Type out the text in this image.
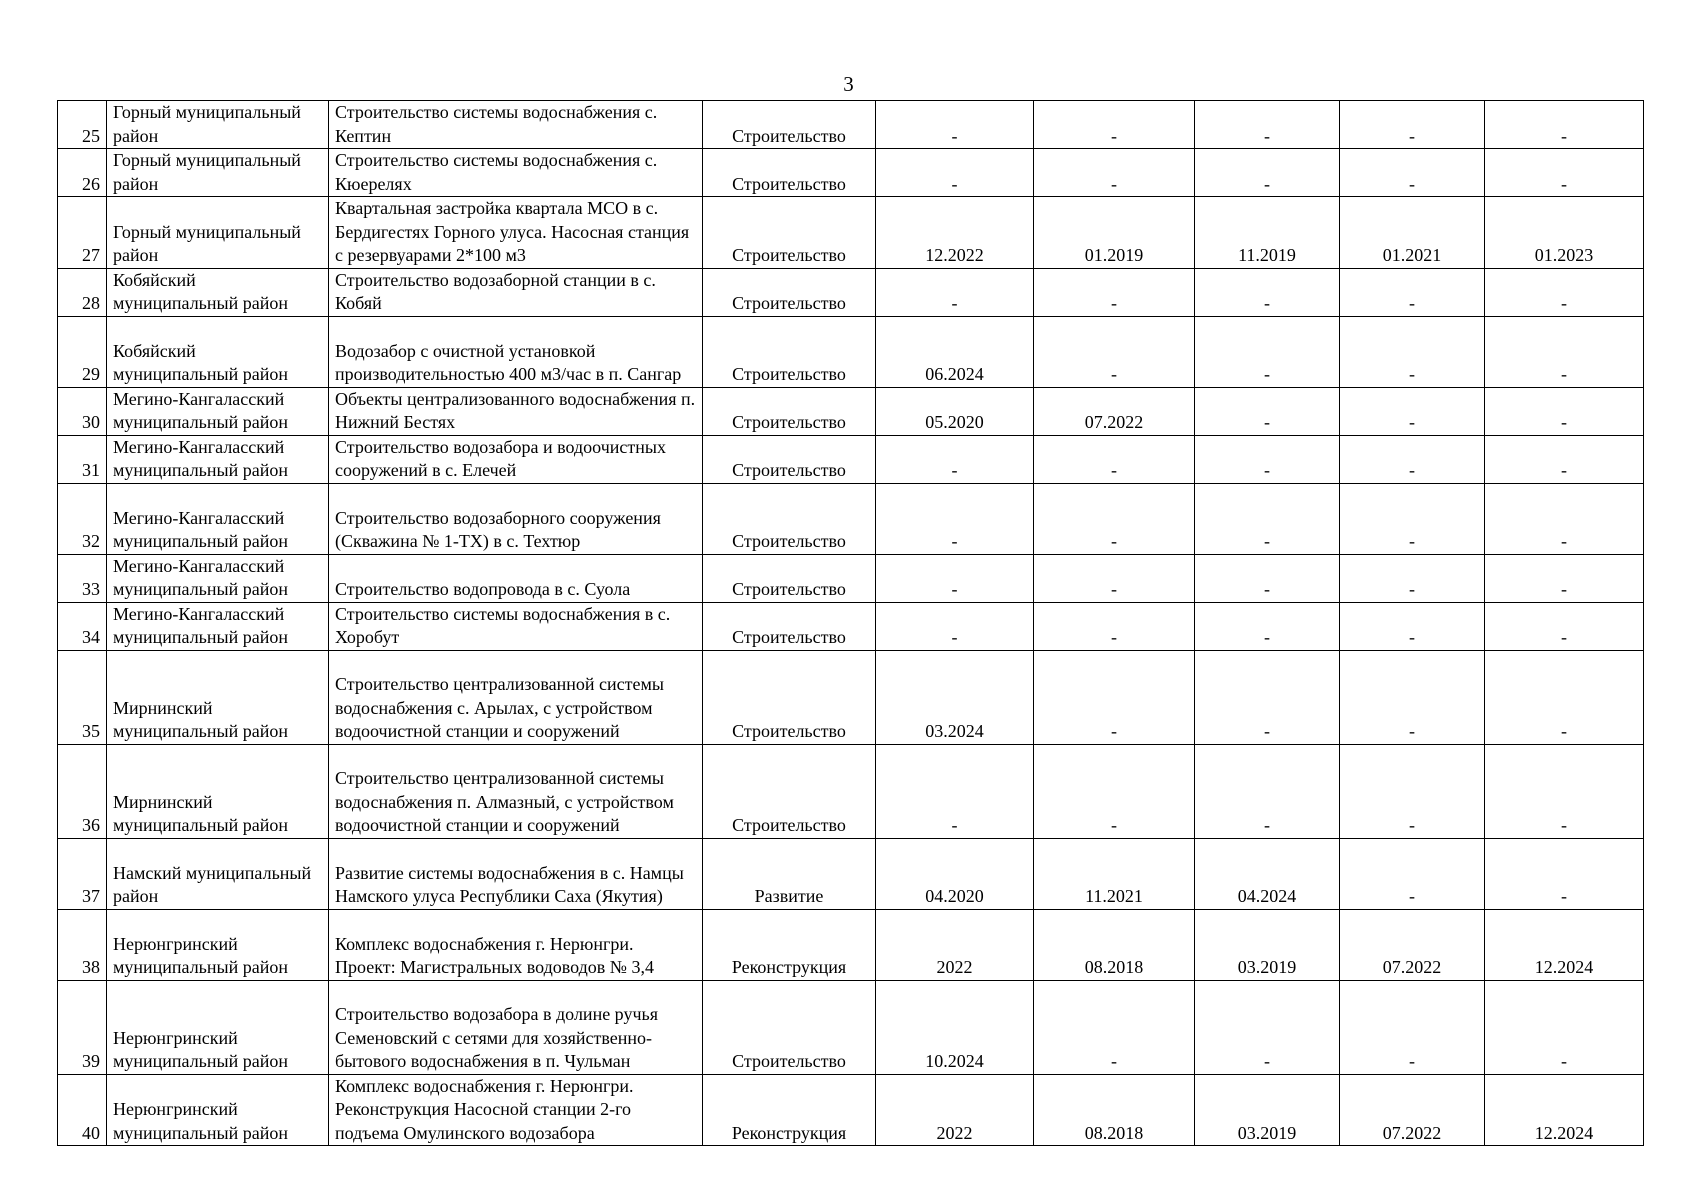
3
25	Горный муниципальный район	Строительство системы водоснабжения с. Кептин	Строительство	-	-	-	-	-
26	Горный муниципальный район	Строительство системы водоснабжения с. Кюерелях	Строительство	-	-	-	-	-
27	Горный муниципальный район	Квартальная застройка квартала МСО в с. Бердигестях Горного улуса. Насосная станция с резервуарами 2*100 м3	Строительство	12.2022	01.2019	11.2019	01.2021	01.2023
28	Кобяйский муниципальный район	Строительство водозаборной станции в с. Кобяй	Строительство	-	-	-	-	-
29	Кобяйский муниципальный район	Водозабор с очистной установкой производительностью 400 м3/час в п. Сангар	Строительство	06.2024	-	-	-	-
30	Мегино-Кангаласский муниципальный район	Объекты централизованного водоснабжения п. Нижний Бестях	Строительство	05.2020	07.2022	-	-	-
31	Мегино-Кангаласский муниципальный район	Строительство водозабора и водоочистных сооружений в с. Елечей	Строительство	-	-	-	-	-
32	Мегино-Кангаласский муниципальный район	Строительство водозаборного сооружения (Скважина № 1-ТХ) в с. Техтюр	Строительство	-	-	-	-	-
33	Мегино-Кангаласский муниципальный район	Строительство водопровода в с. Суола	Строительство	-	-	-	-	-
34	Мегино-Кангаласский муниципальный район	Строительство системы водоснабжения в с. Хоробут	Строительство	-	-	-	-	-
35	Мирнинский муниципальный район	Строительство централизованной системы водоснабжения с. Арылах, с устройством водоочистной станции и сооружений	Строительство	03.2024	-	-	-	-
36	Мирнинский муниципальный район	Строительство централизованной системы водоснабжения п. Алмазный, с устройством водоочистной станции и сооружений	Строительство	-	-	-	-	-
37	Намский муниципальный район	Развитие системы водоснабжения в с. Намцы Намского улуса Республики Саха (Якутия)	Развитие	04.2020	11.2021	04.2024	-	-
38	Нерюнгринский муниципальный район	Комплекс водоснабжения г. Нерюнгри. Проект: Магистральных водоводов № 3,4	Реконструкция	2022	08.2018	03.2019	07.2022	12.2024
39	Нерюнгринский муниципальный район	Строительство водозабора в долине ручья Семеновский с сетями для хозяйственно-бытового водоснабжения в п. Чульман	Строительство	10.2024	-	-	-	-
40	Нерюнгринский муниципальный район	Комплекс водоснабжения г. Нерюнгри. Реконструкция Насосной станции 2-го подъема Омулинского водозабора	Реконструкция	2022	08.2018	03.2019	07.2022	12.2024
